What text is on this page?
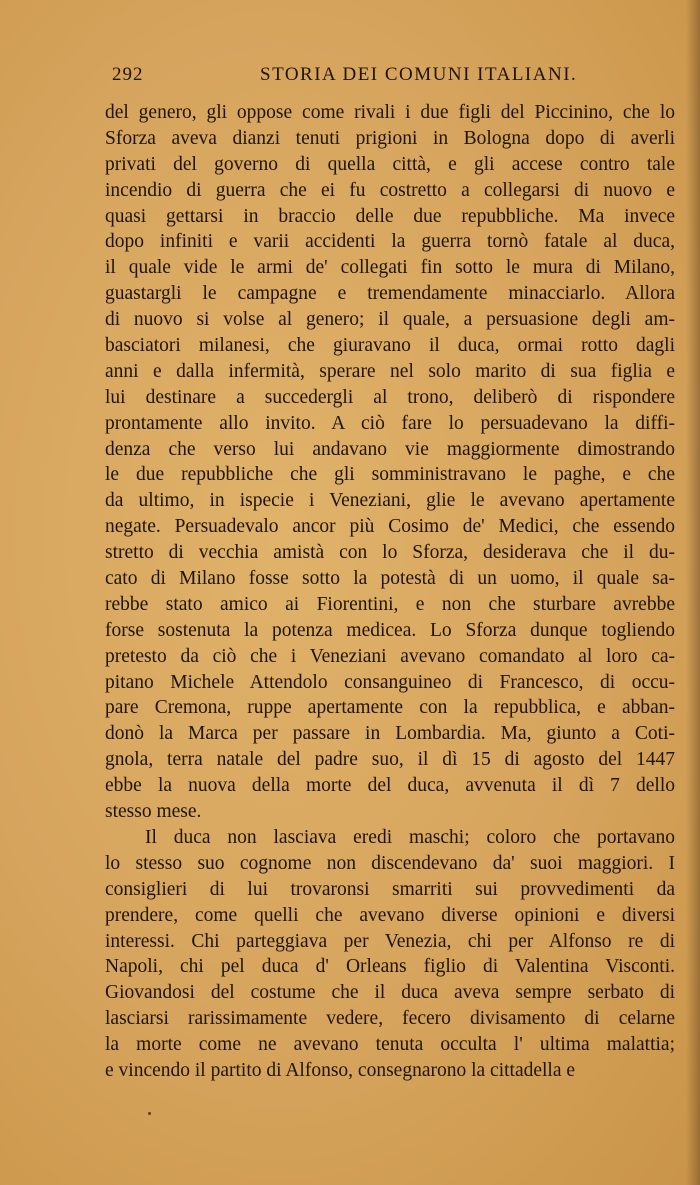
292	STORIA DEI COMUNI ITALIANI.
del genero, gli oppose come rivali i due figli del Piccinino, che lo
Sforza aveva dianzi tenuti prigioni in Bologna dopo di averli
privati del governo di quella città, e gli accese contro tale
incendio di guerra che ei fu costretto a collegarsi di nuovo e
quasi gettarsi in braccio delle due repubbliche. Ma invece
dopo infiniti e varii accidenti la guerra tornò fatale al duca,
il quale vide le armi de' collegati fin sotto le mura di Milano,
guastargli le campagne e tremendamente minacciarlo. Allora
di nuovo si volse al genero; il quale, a persuasione degli am-
basciatori milanesi, che giuravano il duca, ormai rotto dagli
anni e dalla infermità, sperare nel solo marito di sua figlia e
lui destinare a succedergli al trono, deliberò di rispondere
prontamente allo invito. A ciò fare lo persuadevano la diffi-
denza che verso lui andavano vie maggiormente dimostrando
le due repubbliche che gli somministravano le paghe, e che
da ultimo, in ispecie i Veneziani, glie le avevano apertamente
negate. Persuadevalo ancor più Cosimo de' Medici, che essendo
stretto di vecchia amistà con lo Sforza, desiderava che il du-
cato di Milano fosse sotto la potestà di un uomo, il quale sa-
rebbe stato amico ai Fiorentini, e non che sturbare avrebbe
forse sostenuta la potenza medicea. Lo Sforza dunque togliendo
pretesto da ciò che i Veneziani avevano comandato al loro ca-
pitano Michele Attendolo consanguineo di Francesco, di occu-
pare Cremona, ruppe apertamente con la repubblica, e abban-
donò la Marca per passare in Lombardia. Ma, giunto a Coti-
gnola, terra natale del padre suo, il dì 15 di agosto del 1447
ebbe la nuova della morte del duca, avvenuta il dì 7 dello
stesso mese.
Il duca non lasciava eredi maschi; coloro che portavano
lo stesso suo cognome non discendevano da' suoi maggiori. I
consiglieri di lui trovaronsi smarriti sui provvedimenti da
prendere, come quelli che avevano diverse opinioni e diversi
interessi. Chi parteggiava per Venezia, chi per Alfonso re di
Napoli, chi pel duca d' Orleans figlio di Valentina Visconti.
Giovandosi del costume che il duca aveva sempre serbato di
lasciarsi rarissimamente vedere, fecero divisamento di celarne
la morte come ne avevano tenuta occulta l' ultima malattia;
e vincendo il partito di Alfonso, consegnarono la cittadella e
